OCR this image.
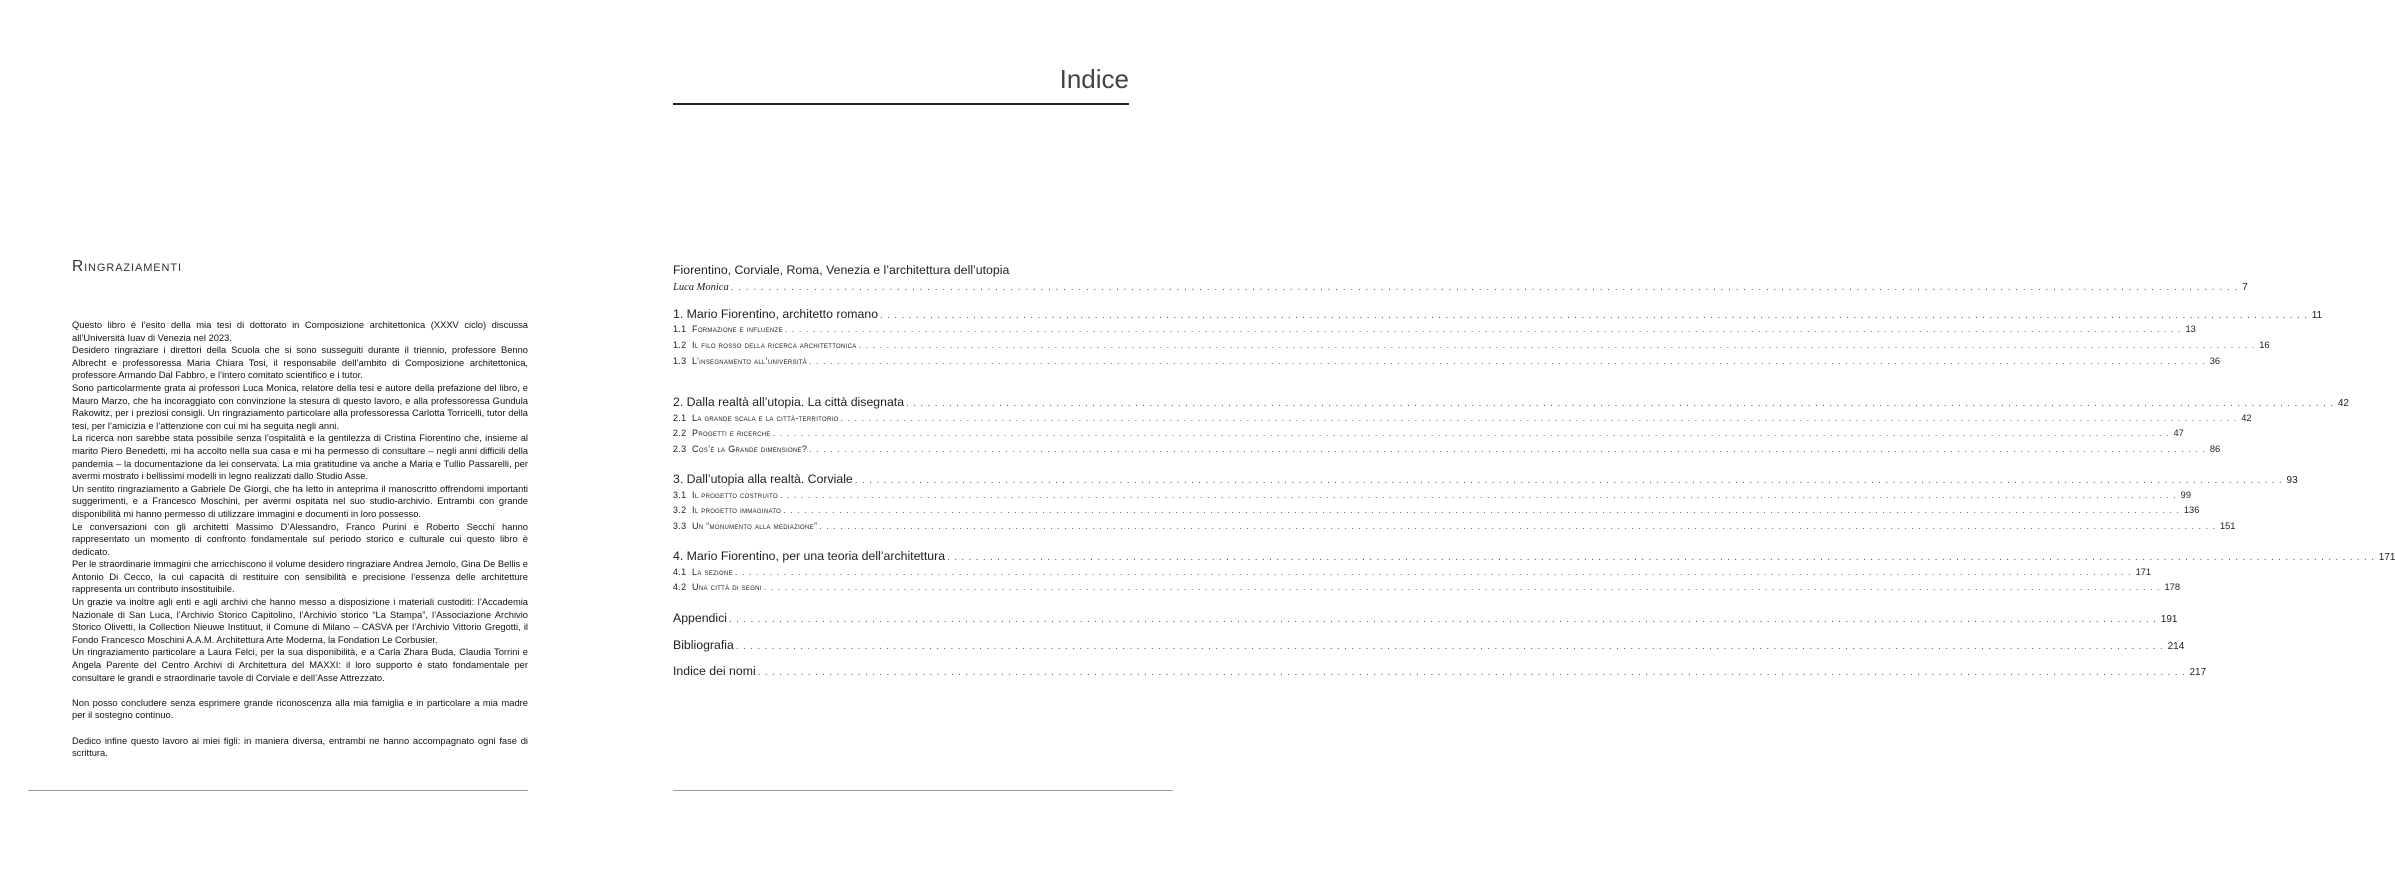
Ringraziamenti

Questo libro è l’esito della mia tesi di dottorato in Composizione architettonica (XXXV ciclo) discussa all’Università Iuav di Venezia nel 2023.

Desidero ringraziare i direttori della Scuola che si sono susseguiti durante il triennio, professore Benno Albrecht e professoressa Maria Chiara Tosi, il responsabile dell’ambito di Composizione architettonica, professore Armando Dal Fabbro, e l’intero comitato scientifico e i tutor.

Sono particolarmente grata ai professori Luca Monica, relatore della tesi e autore della prefazione del libro, e Mauro Marzo, che ha incoraggiato con convinzione la stesura di questo lavoro, e alla professoressa Gundula Rakowitz, per i preziosi consigli. Un ringraziamento particolare alla professoressa Carlotta Torricelli, tutor della tesi, per l’amicizia e l’attenzione con cui mi ha seguita negli anni.

La ricerca non sarebbe stata possibile senza l’ospitalità e la gentilezza di Cristina Fiorentino che, insieme al marito Piero Benedetti, mi ha accolto nella sua casa e mi ha permesso di consultare – negli anni difficili della pandemia – la documentazione da lei conservata. La mia gratitudine va anche a Maria e Tullio Passarelli, per avermi mostrato i bellissimi modelli in legno realizzati dallo Studio Asse.

Un sentito ringraziamento a Gabriele De Giorgi, che ha letto in anteprima il manoscritto offrendomi importanti suggerimenti, e a Francesco Moschini, per avermi ospitata nel suo studio-archivio. Entrambi con grande disponibilità mi hanno permesso di utilizzare immagini e documenti in loro possesso.

Le conversazioni con gli architetti Massimo D’Alessandro, Franco Purini e Roberto Secchi hanno rappresentato un momento di confronto fondamentale sul periodo storico e culturale cui questo libro è dedicato.

Per le straordinarie immagini che arricchiscono il volume desidero ringraziare Andrea Jemolo, Gina De Bellis e Antonio Di Cecco, la cui capacità di restituire con sensibilità e precisione l’essenza delle architetture rappresenta un contributo insostituibile.

Un grazie va inoltre agli enti e agli archivi che hanno messo a disposizione i materiali custoditi: l’Accademia Nazionale di San Luca, l’Archivio Storico Capitolino, l’Archivio storico “La Stampa”, l’Associazione Archivio Storico Olivetti, la Collection Nieuwe Instituut, il Comune di Milano – CASVA per l’Archivio Vittorio Gregotti, il Fondo Francesco Moschini A.A.M. Architettura Arte Moderna, la Fondation Le Corbusier.

Un ringraziamento particolare a Laura Felci, per la sua disponibilità, e a Carla Zhara Buda, Claudia Torrini e Angela Parente del Centro Archivi di Architettura del MAXXI: il loro supporto è stato fondamentale per consultare le grandi e straordinarie tavole di Corviale e dell’Asse Attrezzato.

Non posso concludere senza esprimere grande riconoscenza alla mia famiglia e in particolare a mia madre per il sostegno continuo.

Dedico infine questo lavoro ai miei figli: in maniera diversa, entrambi ne hanno accompagnato ogni fase di scrittura.

Indice
Fiorentino, Corviale, Roma, Venezia e l’architettura dell’utopia
Luca Monica . . . . . . . . . . . . . . . . . . . . . . . . . . . . . . . . . . . . . . . . . . . . . . . . . . . . . . . . . . . . . . . . . . . . . . . . . . . . . . . . . . . . . . . . . . . . . . . . . . . . . . . . . . . . . . . . . . . . . . . . . . . . . . . . . . . . . . . . . . . . . . . . . . . . . . . . . . . . . . . . . . . . . . . . . . . . . . . . . . . . . . . . . . . . . . . . . . . . . . . . 7
1. Mario Fiorentino, architetto romano . . . . . . . . . . . . . . . . . . . . . . . . . . . . . . . . . . . . . . . . . . . . . . . . . . . . . . . . . . . . . . . . . . . . . . . . . . . . . . . . . . . . . . . . . . . . . . . . . . . . . . . . . . . . . . . . . . . . . . . . . . . . . . . . . . . . . . . . . . . . . . . . . . . . . . . . . . . . . . . . . . . . . . . . . . . . . . . . . . . . . . . . . . . . . . . . . . . . . . . . 11
1.1 Formazione e influenze . . . . . . . . . . . . . . . . . . . . . . . . . . . . . . . . . . . . . . . . . . . . . . . . . . . . . . . . . . . . . . . . . . . . . . . . . . . . . . . . . . . . . . . . . . . . . . . . . . . . . . . . . . . . . . . . . . . . . . . . . . . . . . . . . . . . . . . . . . . . . . . . . . . . . . . . . . . . . . . . . . . . . . . . . . . . . . . . . . . . . . . . . . . . . . . . . . . . . . . . 13
1.2 Il filo rosso della ricerca architettonica . . . . . . . . . . . . . . . . . . . . . . . . . . . . . . . . . . . . . . . . . . . . . . . . . . . . . . . . . . . . . . . . . . . . . . . . . . . . . . . . . . . . . . . . . . . . . . . . . . . . . . . . . . . . . . . . . . . . . . . . . . . . . . . . . . . . . . . . . . . . . . . . . . . . . . . . . . . . . . . . . . . . . . . . . . . . . . . . . . . . . . . . . . . . . . . . . . . . . . . . 16
1.3 L’insegnamento all’università . . . . . . . . . . . . . . . . . . . . . . . . . . . . . . . . . . . . . . . . . . . . . . . . . . . . . . . . . . . . . . . . . . . . . . . . . . . . . . . . . . . . . . . . . . . . . . . . . . . . . . . . . . . . . . . . . . . . . . . . . . . . . . . . . . . . . . . . . . . . . . . . . . . . . . . . . . . . . . . . . . . . . . . . . . . . . . . . . . . . . . . . . . . . . . . . . . . . . . . . 36
2. Dalla realtà all’utopia. La città disegnata . . . . . . . . . . . . . . . . . . . . . . . . . . . . . . . . . . . . . . . . . . . . . . . . . . . . . . . . . . . . . . . . . . . . . . . . . . . . . . . . . . . . . . . . . . . . . . . . . . . . . . . . . . . . . . . . . . . . . . . . . . . . . . . . . . . . . . . . . . . . . . . . . . . . . . . . . . . . . . . . . . . . . . . . . . . . . . . . . . . . . . . . . . . . . . . . . . . . . . . . 42
2.1 La grande scala e la città-territorio . . . . . . . . . . . . . . . . . . . . . . . . . . . . . . . . . . . . . . . . . . . . . . . . . . . . . . . . . . . . . . . . . . . . . . . . . . . . . . . . . . . . . . . . . . . . . . . . . . . . . . . . . . . . . . . . . . . . . . . . . . . . . . . . . . . . . . . . . . . . . . . . . . . . . . . . . . . . . . . . . . . . . . . . . . . . . . . . . . . . . . . . . . . . . . . . . . . . . . . . 42
2.2 Progetti e ricerche . . . . . . . . . . . . . . . . . . . . . . . . . . . . . . . . . . . . . . . . . . . . . . . . . . . . . . . . . . . . . . . . . . . . . . . . . . . . . . . . . . . . . . . . . . . . . . . . . . . . . . . . . . . . . . . . . . . . . . . . . . . . . . . . . . . . . . . . . . . . . . . . . . . . . . . . . . . . . . . . . . . . . . . . . . . . . . . . . . . . . . . . . . . . . . . . . . . . . . . . 47
2.3 Cos’è la Grande dimensione? . . . . . . . . . . . . . . . . . . . . . . . . . . . . . . . . . . . . . . . . . . . . . . . . . . . . . . . . . . . . . . . . . . . . . . . . . . . . . . . . . . . . . . . . . . . . . . . . . . . . . . . . . . . . . . . . . . . . . . . . . . . . . . . . . . . . . . . . . . . . . . . . . . . . . . . . . . . . . . . . . . . . . . . . . . . . . . . . . . . . . . . . . . . . . . . . . . . . . . . . 86
3. Dall’utopia alla realtà. Corviale . . . . . . . . . . . . . . . . . . . . . . . . . . . . . . . . . . . . . . . . . . . . . . . . . . . . . . . . . . . . . . . . . . . . . . . . . . . . . . . . . . . . . . . . . . . . . . . . . . . . . . . . . . . . . . . . . . . . . . . . . . . . . . . . . . . . . . . . . . . . . . . . . . . . . . . . . . . . . . . . . . . . . . . . . . . . . . . . . . . . . . . . . . . . . . . . . . . . . . . . 93
3.1 Il progetto costruito . . . . . . . . . . . . . . . . . . . . . . . . . . . . . . . . . . . . . . . . . . . . . . . . . . . . . . . . . . . . . . . . . . . . . . . . . . . . . . . . . . . . . . . . . . . . . . . . . . . . . . . . . . . . . . . . . . . . . . . . . . . . . . . . . . . . . . . . . . . . . . . . . . . . . . . . . . . . . . . . . . . . . . . . . . . . . . . . . . . . . . . . . . . . . . . . . . . . . . . . 99
3.2 Il progetto immaginato . . . . . . . . . . . . . . . . . . . . . . . . . . . . . . . . . . . . . . . . . . . . . . . . . . . . . . . . . . . . . . . . . . . . . . . . . . . . . . . . . . . . . . . . . . . . . . . . . . . . . . . . . . . . . . . . . . . . . . . . . . . . . . . . . . . . . . . . . . . . . . . . . . . . . . . . . . . . . . . . . . . . . . . . . . . . . . . . . . . . . . . . . . . . . . . . . . . . . . . . 136
3.3 Un “monumento alla mediazione” . . . . . . . . . . . . . . . . . . . . . . . . . . . . . . . . . . . . . . . . . . . . . . . . . . . . . . . . . . . . . . . . . . . . . . . . . . . . . . . . . . . . . . . . . . . . . . . . . . . . . . . . . . . . . . . . . . . . . . . . . . . . . . . . . . . . . . . . . . . . . . . . . . . . . . . . . . . . . . . . . . . . . . . . . . . . . . . . . . . . . . . . . . . . . . . . . . . . . . . . 151
4. Mario Fiorentino, per una teoria dell’architettura . . . . . . . . . . . . . . . . . . . . . . . . . . . . . . . . . . . . . . . . . . . . . . . . . . . . . . . . . . . . . . . . . . . . . . . . . . . . . . . . . . . . . . . . . . . . . . . . . . . . . . . . . . . . . . . . . . . . . . . . . . . . . . . . . . . . . . . . . . . . . . . . . . . . . . . . . . . . . . . . . . . . . . . . . . . . . . . . . . . . . . . . . . . . . . . . . . . . . . . . 171
4.1 La sezione . . . . . . . . . . . . . . . . . . . . . . . . . . . . . . . . . . . . . . . . . . . . . . . . . . . . . . . . . . . . . . . . . . . . . . . . . . . . . . . . . . . . . . . . . . . . . . . . . . . . . . . . . . . . . . . . . . . . . . . . . . . . . . . . . . . . . . . . . . . . . . . . . . . . . . . . . . . . . . . . . . . . . . . . . . . . . . . . . . . . . . . . . . . . . . . . . . . . . . . . 171
4.2 Una città di segni . . . . . . . . . . . . . . . . . . . . . . . . . . . . . . . . . . . . . . . . . . . . . . . . . . . . . . . . . . . . . . . . . . . . . . . . . . . . . . . . . . . . . . . . . . . . . . . . . . . . . . . . . . . . . . . . . . . . . . . . . . . . . . . . . . . . . . . . . . . . . . . . . . . . . . . . . . . . . . . . . . . . . . . . . . . . . . . . . . . . . . . . . . . . . . . . . . . . . . . . 178
Appendici . . . . . . . . . . . . . . . . . . . . . . . . . . . . . . . . . . . . . . . . . . . . . . . . . . . . . . . . . . . . . . . . . . . . . . . . . . . . . . . . . . . . . . . . . . . . . . . . . . . . . . . . . . . . . . . . . . . . . . . . . . . . . . . . . . . . . . . . . . . . . . . . . . . . . . . . . . . . . . . . . . . . . . . . . . . . . . . . . . . . . . . . . . . . . . . . . . . . . . . . 191
Bibliografia . . . . . . . . . . . . . . . . . . . . . . . . . . . . . . . . . . . . . . . . . . . . . . . . . . . . . . . . . . . . . . . . . . . . . . . . . . . . . . . . . . . . . . . . . . . . . . . . . . . . . . . . . . . . . . . . . . . . . . . . . . . . . . . . . . . . . . . . . . . . . . . . . . . . . . . . . . . . . . . . . . . . . . . . . . . . . . . . . . . . . . . . . . . . . . . . . . . . . . . . 214
Indice dei nomi . . . . . . . . . . . . . . . . . . . . . . . . . . . . . . . . . . . . . . . . . . . . . . . . . . . . . . . . . . . . . . . . . . . . . . . . . . . . . . . . . . . . . . . . . . . . . . . . . . . . . . . . . . . . . . . . . . . . . . . . . . . . . . . . . . . . . . . . . . . . . . . . . . . . . . . . . . . . . . . . . . . . . . . . . . . . . . . . . . . . . . . . . . . . . . . . . . . . . . . . 217
